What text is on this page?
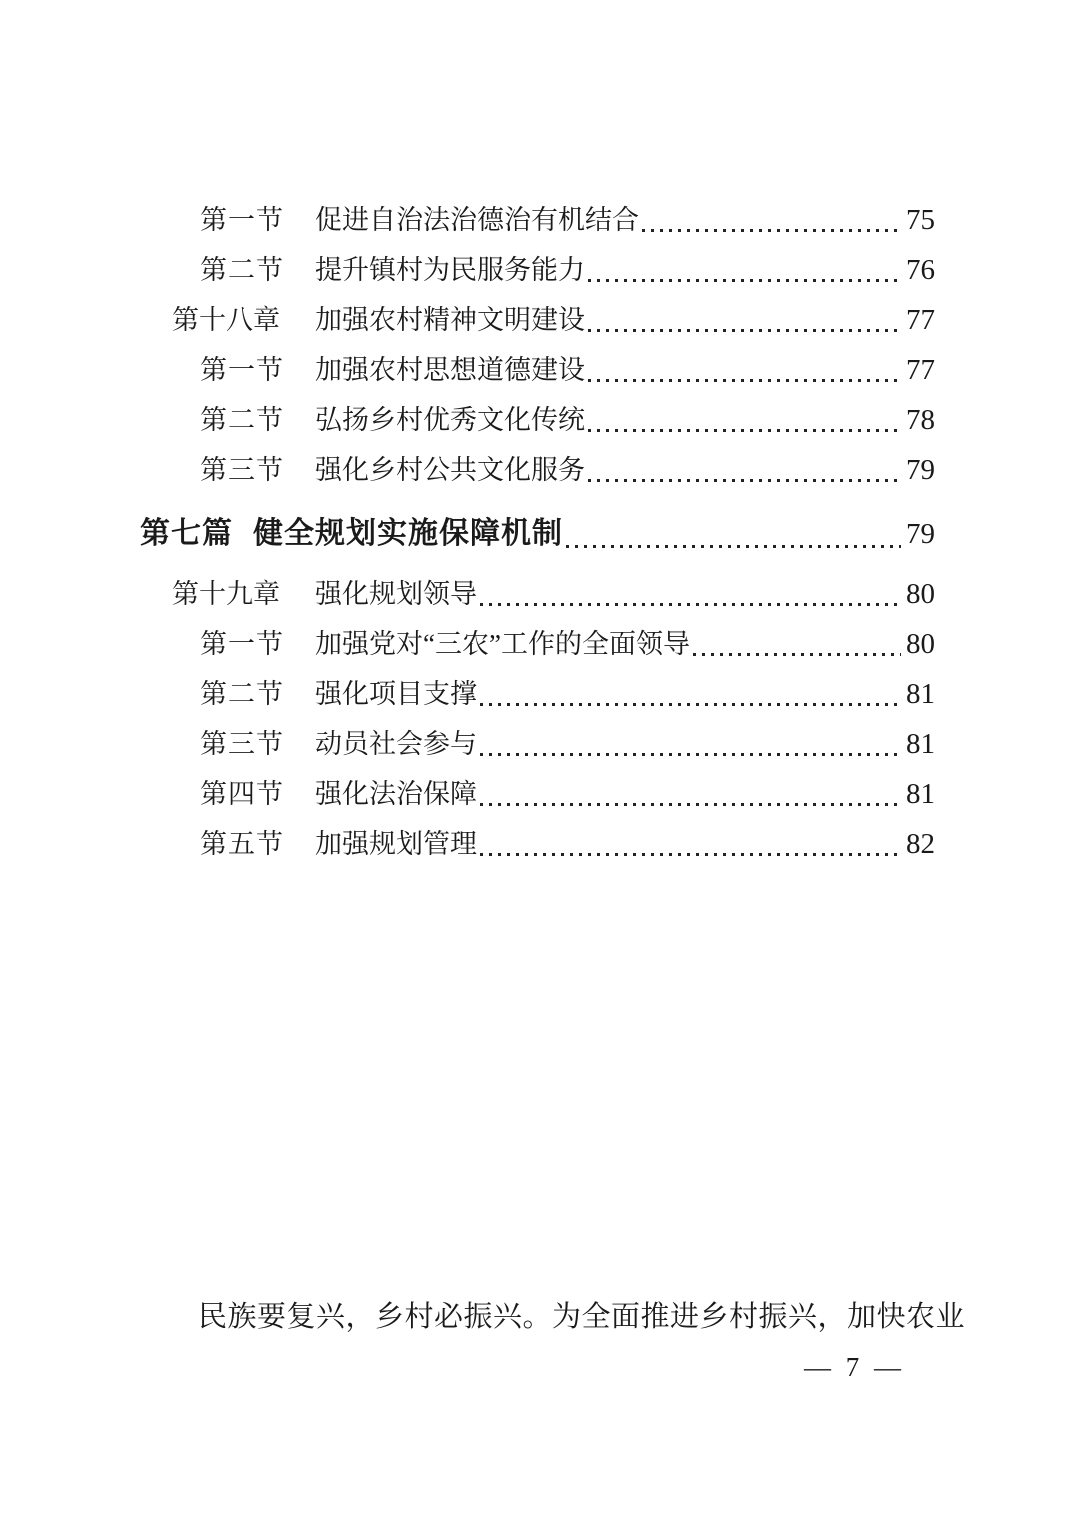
第一节	促进自治法治德治有机结合	75
第二节	提升镇村为民服务能力	76
第十八章	加强农村精神文明建设	77
第一节	加强农村思想道德建设	77
第二节	弘扬乡村优秀文化传统	78
第三节	强化乡村公共文化服务	79
第七篇 健全规划实施保障机制	79
第十九章	强化规划领导	80
第一节	加强党对“三农”工作的全面领导	80
第二节	强化项目支撑	81
第三节	动员社会参与	81
第四节	强化法治保障	81
第五节	加强规划管理	82
民族要复兴，乡村必振兴。为全面推进乡村振兴，加快农业
— 7 —
